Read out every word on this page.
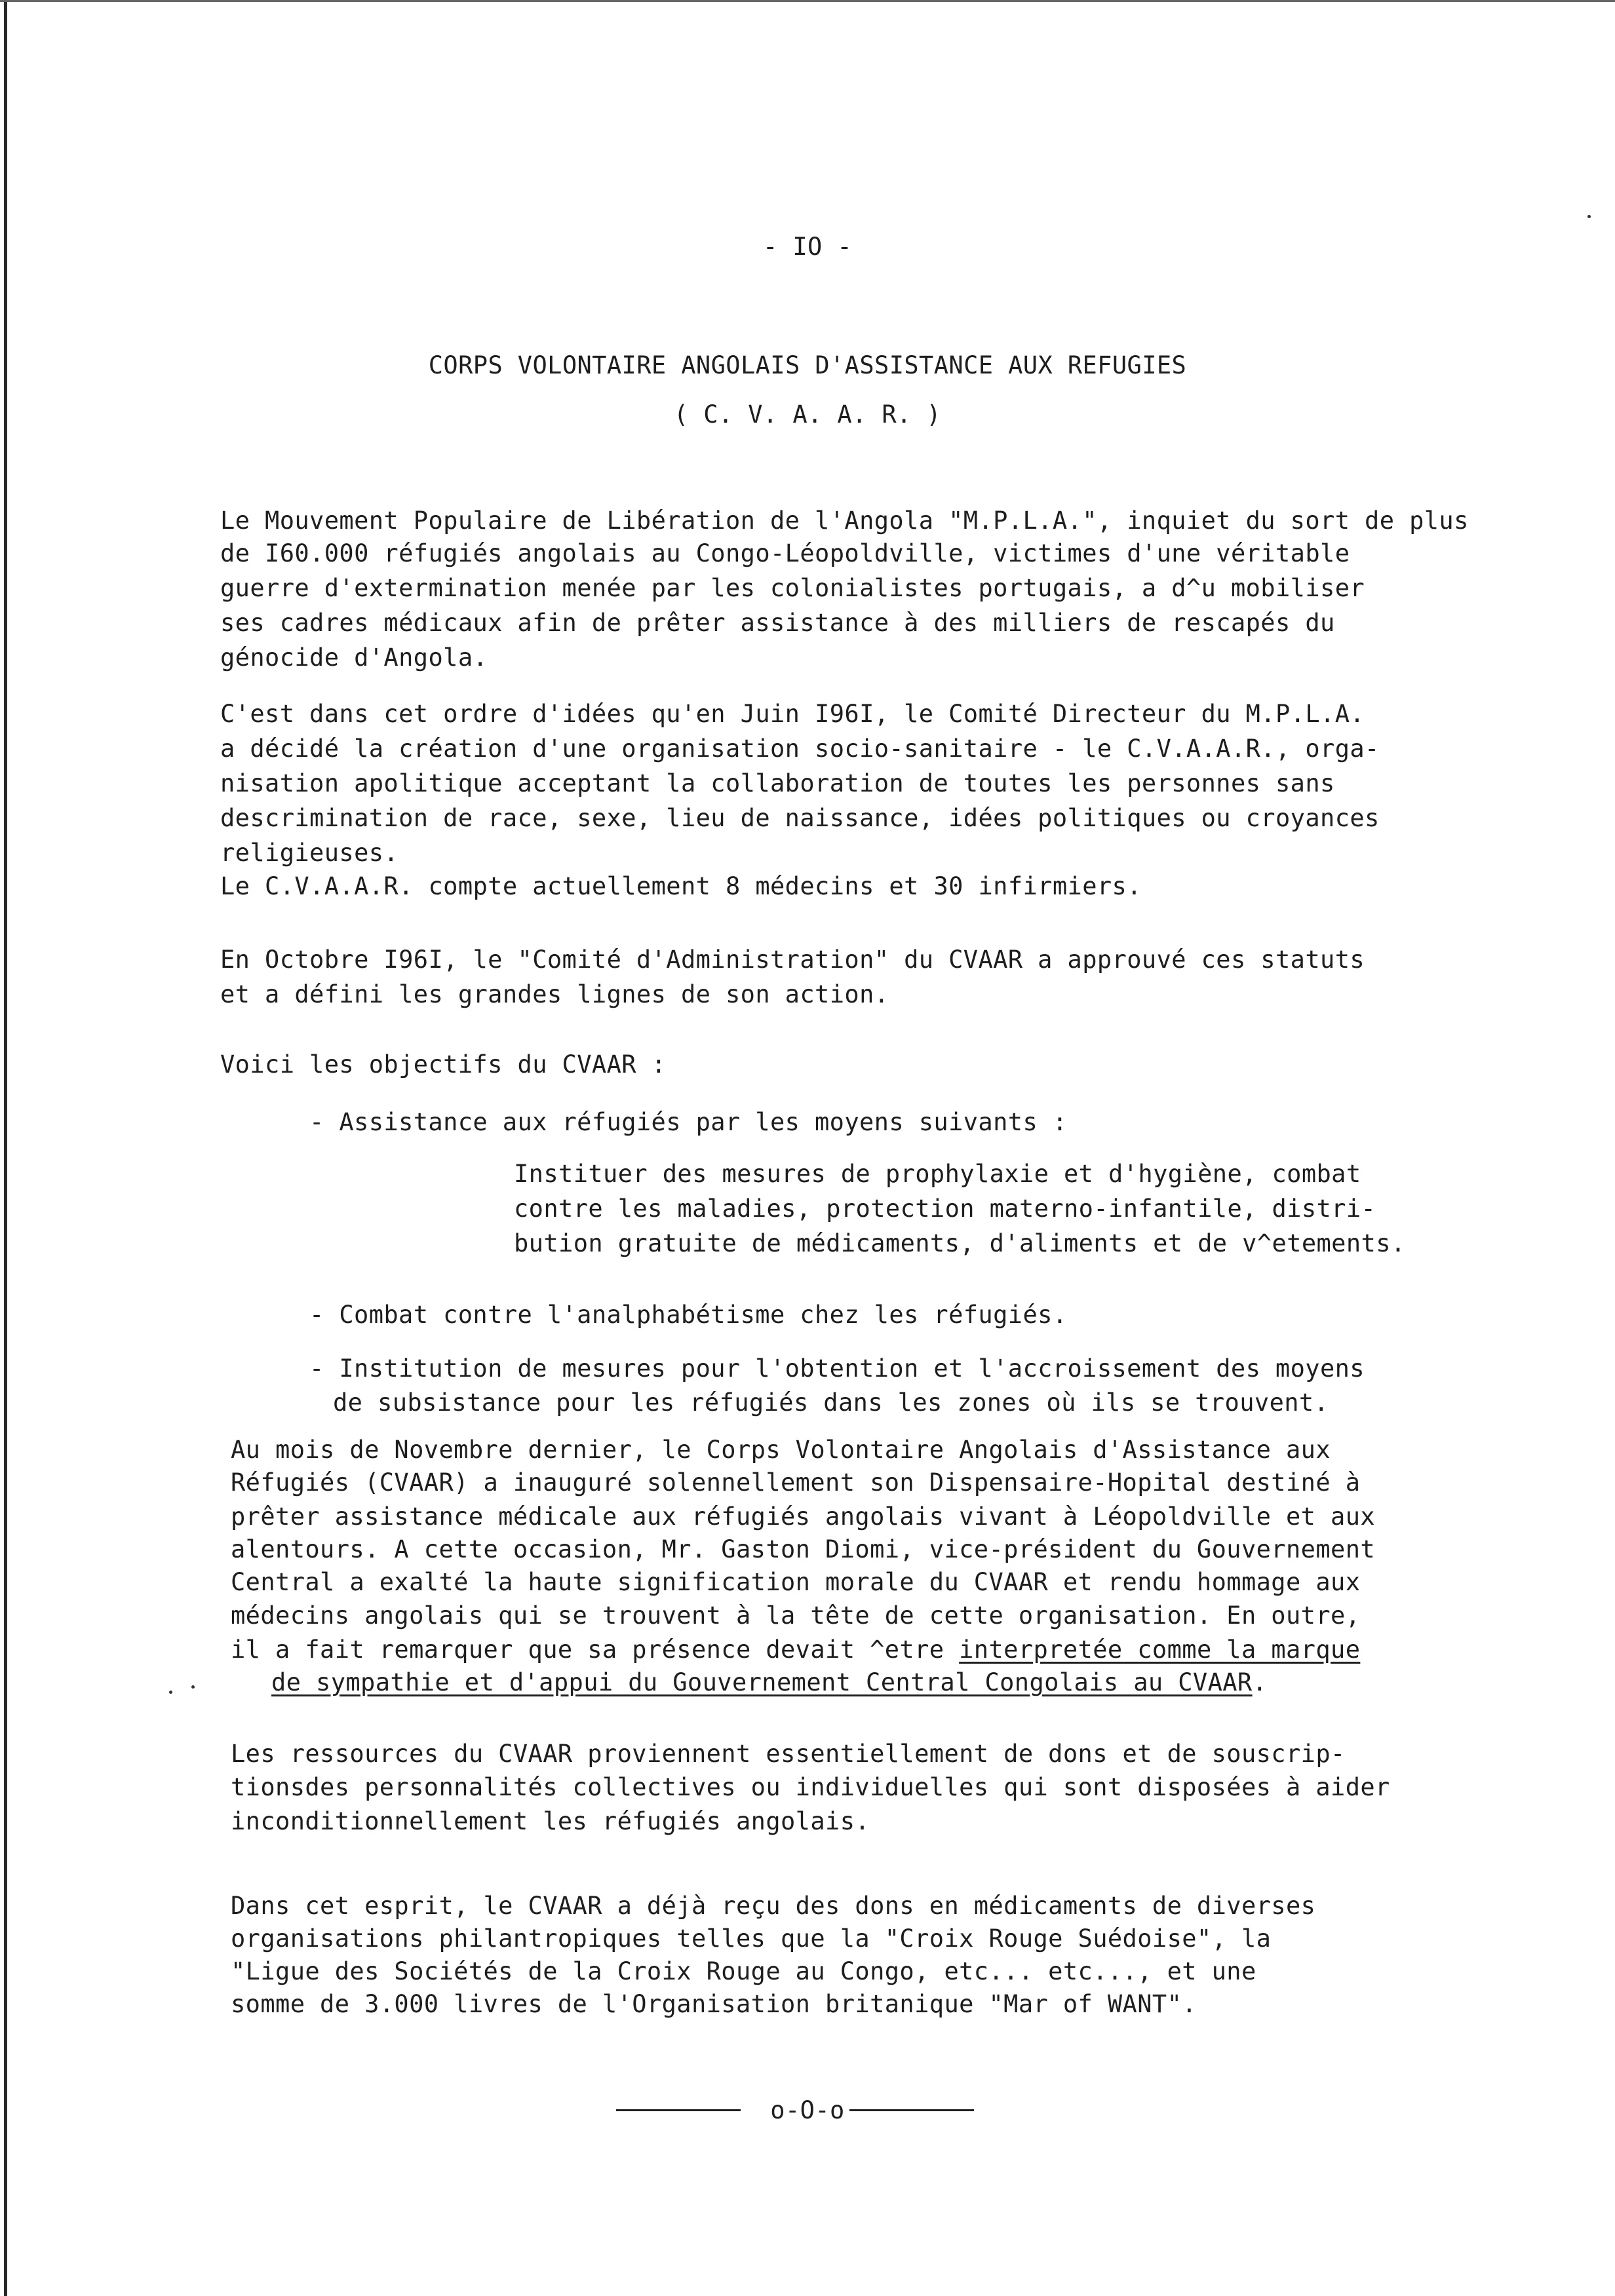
- IO -
CORPS VOLONTAIRE ANGOLAIS D'ASSISTANCE AUX REFUGIES
( C. V. A. A. R. )
Le Mouvement Populaire de Libération de l'Angola "M.P.L.A.", inquiet du sort de plus
de I60.000 réfugiés angolais au Congo-Léopoldville, victimes d'une véritable
guerre d'extermination menée par les colonialistes portugais, a d^u mobiliser
ses cadres médicaux afin de prêter assistance à des milliers de rescapés du
génocide d'Angola.
C'est dans cet ordre d'idées qu'en Juin I96I, le Comité Directeur du M.P.L.A.
a décidé la création d'une organisation socio-sanitaire - le C.V.A.A.R., orga-
nisation apolitique acceptant la collaboration de toutes les personnes sans
descrimination de race, sexe, lieu de naissance, idées politiques ou croyances
religieuses.
Le C.V.A.A.R. compte actuellement 8 médecins et 30 infirmiers.
En Octobre I96I, le "Comité d'Administration" du CVAAR a approuvé ces statuts
et a défini les grandes lignes de son action.
Voici les objectifs du CVAAR :
- Assistance aux réfugiés par les moyens suivants :
Instituer des mesures de prophylaxie et d'hygiène, combat
contre les maladies, protection materno-infantile, distri-
bution gratuite de médicaments, d'aliments et de v^etements.
- Combat contre l'analphabétisme chez les réfugiés.
- Institution de mesures pour l'obtention et l'accroissement des moyens
de subsistance pour les réfugiés dans les zones où ils se trouvent.
Au mois de Novembre dernier, le Corps Volontaire Angolais d'Assistance aux
Réfugiés (CVAAR) a inauguré solennellement son Dispensaire-Hopital destiné à
prêter assistance médicale aux réfugiés angolais vivant à Léopoldville et aux
alentours. A cette occasion, Mr. Gaston Diomi, vice-président du Gouvernement
Central a exalté la haute signification morale du CVAAR et rendu hommage aux
médecins angolais qui se trouvent à la tête de cette organisation. En outre,
il a fait remarquer que sa présence devait ^etre interpretée comme la marque
de sympathie et d'appui du Gouvernement Central Congolais au CVAAR.
Les ressources du CVAAR proviennent essentiellement de dons et de souscrip-
tionsdes personnalités collectives ou individuelles qui sont disposées à aider
inconditionnellement les réfugiés angolais.
Dans cet esprit, le CVAAR a déjà reçu des dons en médicaments de diverses
organisations philantropiques telles que la "Croix Rouge Suédoise", la
"Ligue des Sociétés de la Croix Rouge au Congo, etc... etc..., et une
somme de 3.000 livres de l'Organisation britanique "Mar of WANT".
o-O-o
